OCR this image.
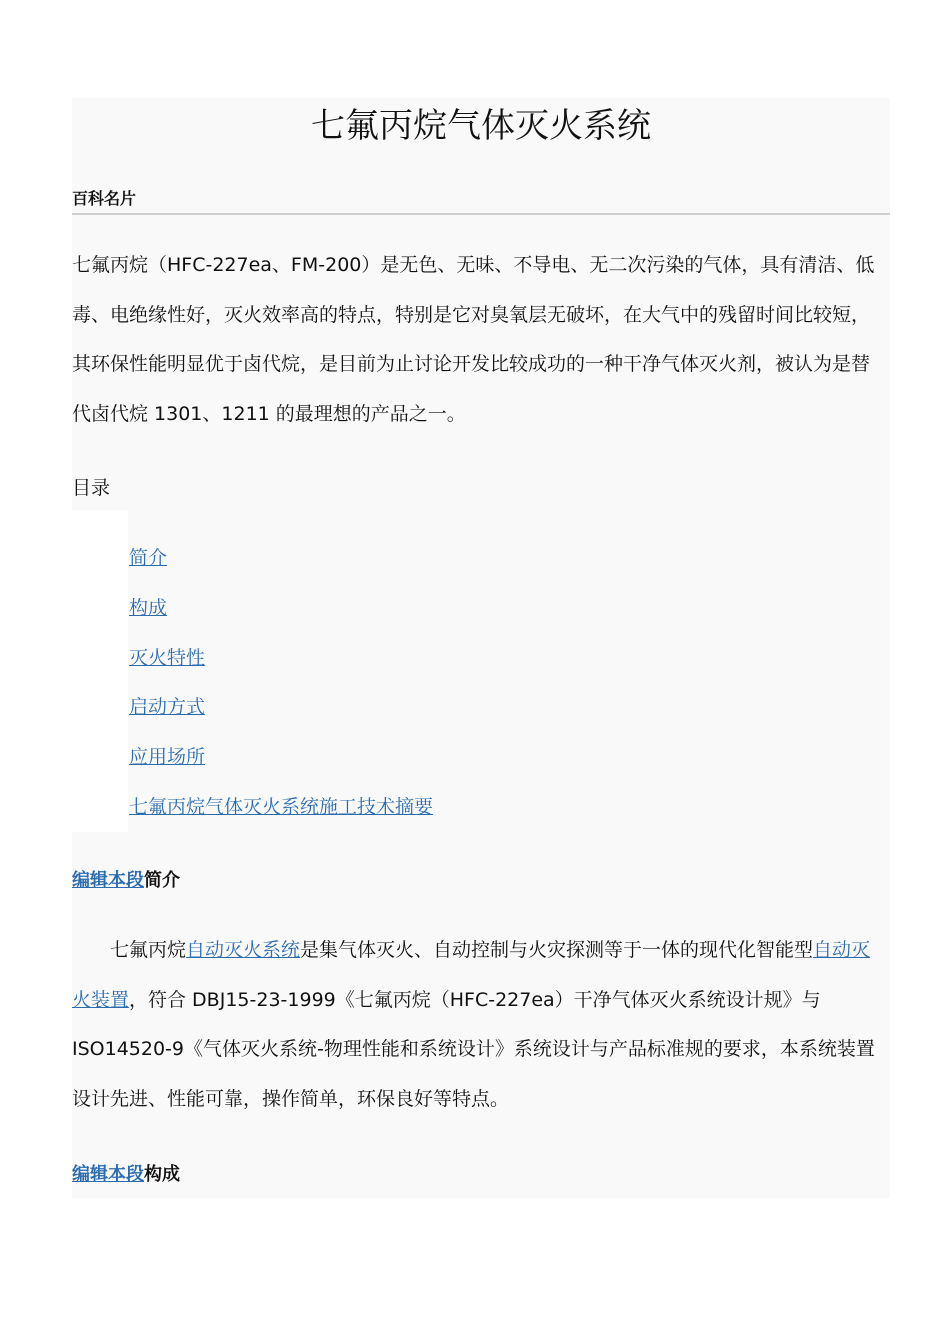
七氟丙烷气体灭火系统
百科名片

七氟丙烷（HFC-227ea、FM-200）是无色、无味、不导电、无二次污染的气体，具有清洁、低毒、电绝缘性好，灭火效率高的特点，特别是它对臭氧层无破坏，在大气中的残留时间比较短，其环保性能明显优于卤代烷，是目前为止讨论开发比较成功的一种干净气体灭火剂，被认为是替代卤代烷 1301、1211 的最理想的产品之一。

目录
简介
构成
灭火特性
启动方式
应用场所
七氟丙烷气体灭火系统施工技术摘要
编辑本段简介

七氟丙烷自动灭火系统是集气体灭火、自动控制与火灾探测等于一体的现代化智能型自动灭火装置，符合 DBJ15-23-1999《七氟丙烷（HFC-227ea）干净气体灭火系统设计规》与 ISO14520-9《气体灭火系统-物理性能和系统设计》系统设计与产品标准规的要求，本系统装置设计先进、性能可靠，操作简单，环保良好等特点。

编辑本段构成
